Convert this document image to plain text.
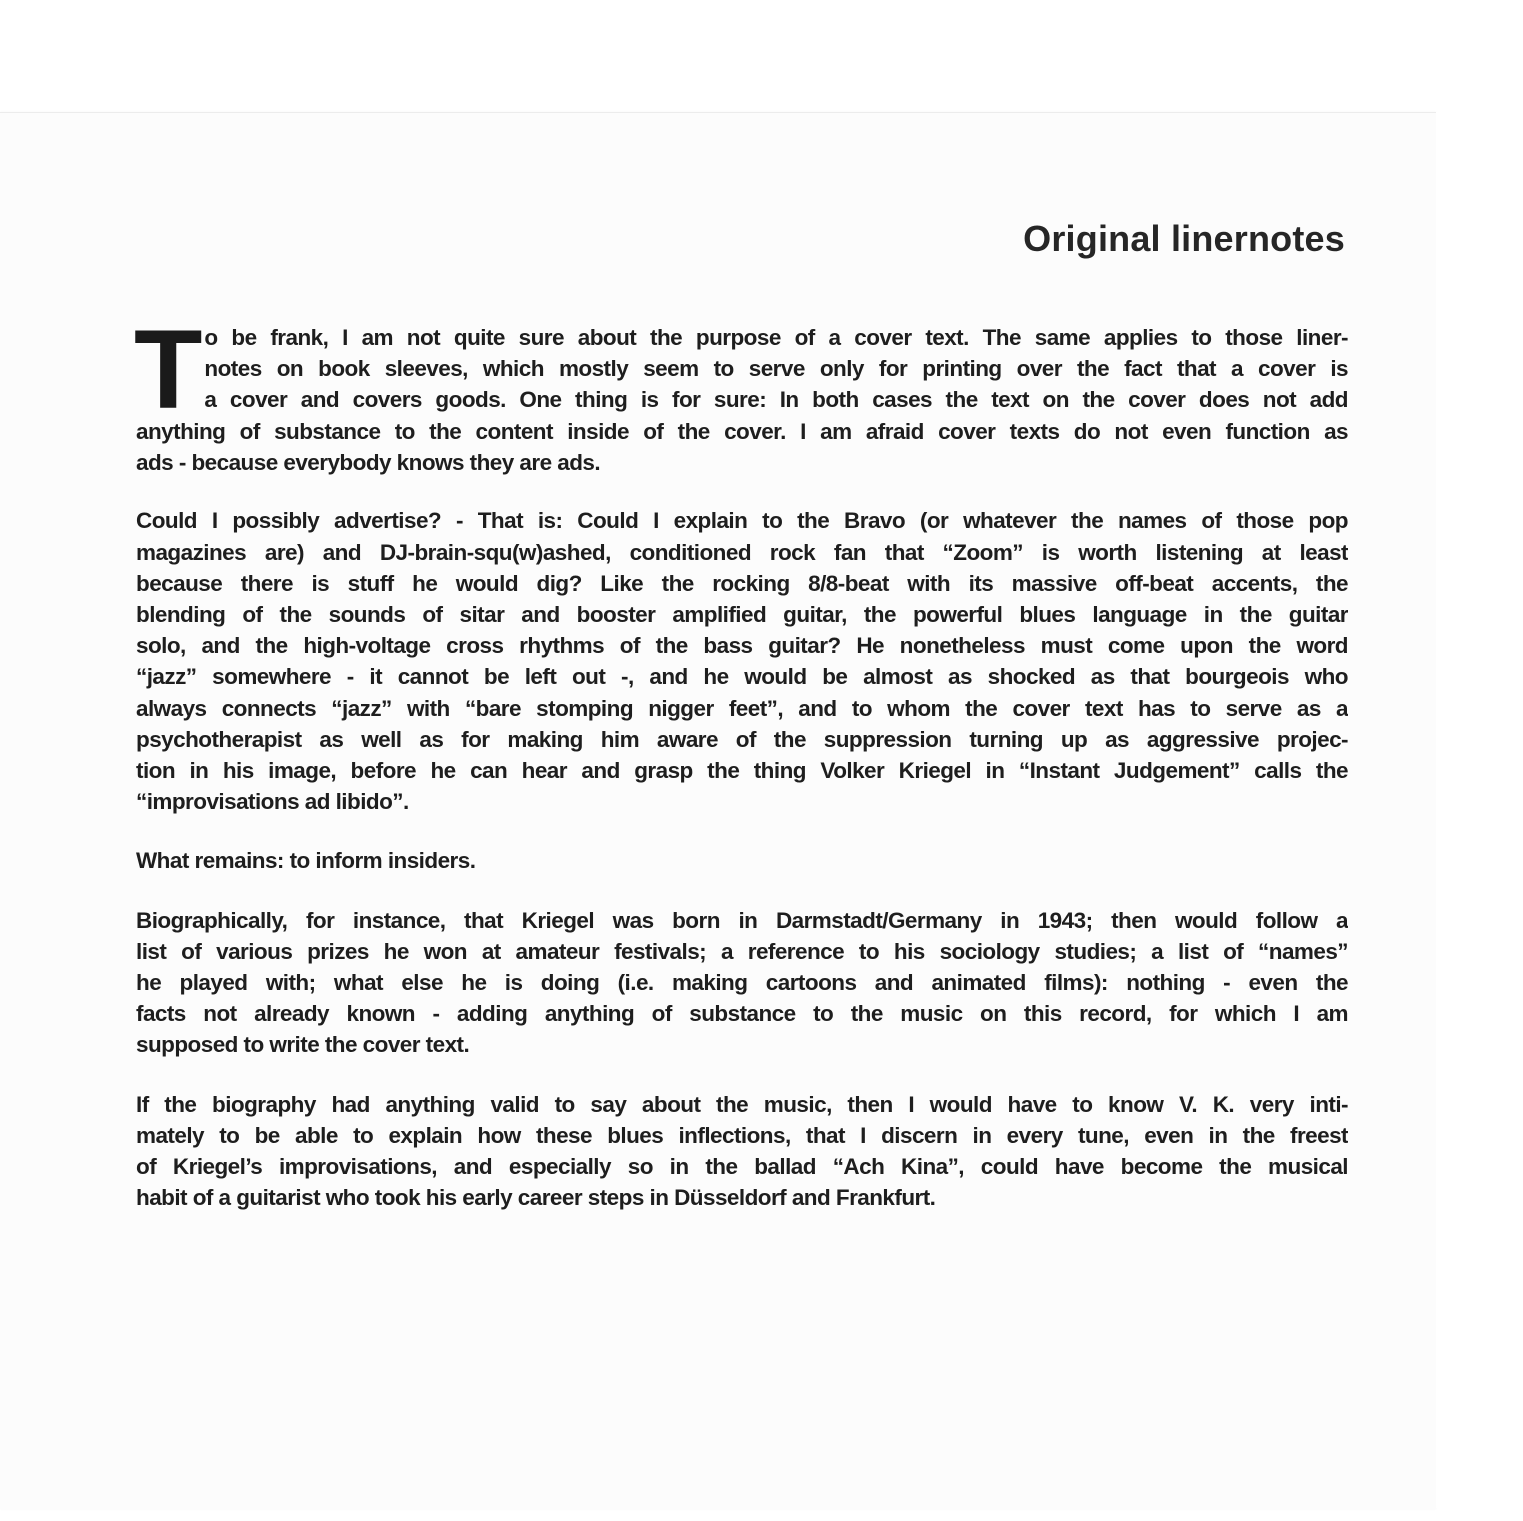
Original linernotes
T o be frank, I am not quite sure about the purpose of a cover text. The same applies to those liner-
notes on book sleeves, which mostly seem to serve only for printing over the fact that a cover is
a cover and covers goods. One thing is for sure: In both cases the text on the cover does not add
anything of substance to the content inside of the cover. I am afraid cover texts do not even function as
ads - because everybody knows they are ads.
Could I possibly advertise? - That is: Could I explain to the Bravo (or whatever the names of those pop
magazines are) and DJ-brain-squ(w)ashed, conditioned rock fan that “Zoom” is worth listening at least
because there is stuff he would dig? Like the rocking 8/8-beat with its massive off-beat accents, the
blending of the sounds of sitar and booster amplified guitar, the powerful blues language in the guitar
solo, and the high-voltage cross rhythms of the bass guitar? He nonetheless must come upon the word
“jazz” somewhere - it cannot be left out -, and he would be almost as shocked as that bourgeois who
always connects “jazz” with “bare stomping nigger feet”, and to whom the cover text has to serve as a
psychotherapist as well as for making him aware of the suppression turning up as aggressive projec-
tion in his image, before he can hear and grasp the thing Volker Kriegel in “Instant Judgement” calls the
“improvisations ad libido”.
What remains: to inform insiders.
Biographically, for instance, that Kriegel was born in Darmstadt/Germany in 1943; then would follow a
list of various prizes he won at amateur festivals; a reference to his sociology studies; a list of “names”
he played with; what else he is doing (i.e. making cartoons and animated films): nothing - even the
facts not already known - adding anything of substance to the music on this record, for which I am
supposed to write the cover text.
If the biography had anything valid to say about the music, then I would have to know V. K. very inti-
mately to be able to explain how these blues inflections, that I discern in every tune, even in the freest
of Kriegel’s improvisations, and especially so in the ballad “Ach Kina”, could have become the musical
habit of a guitarist who took his early career steps in Düsseldorf and Frankfurt.
